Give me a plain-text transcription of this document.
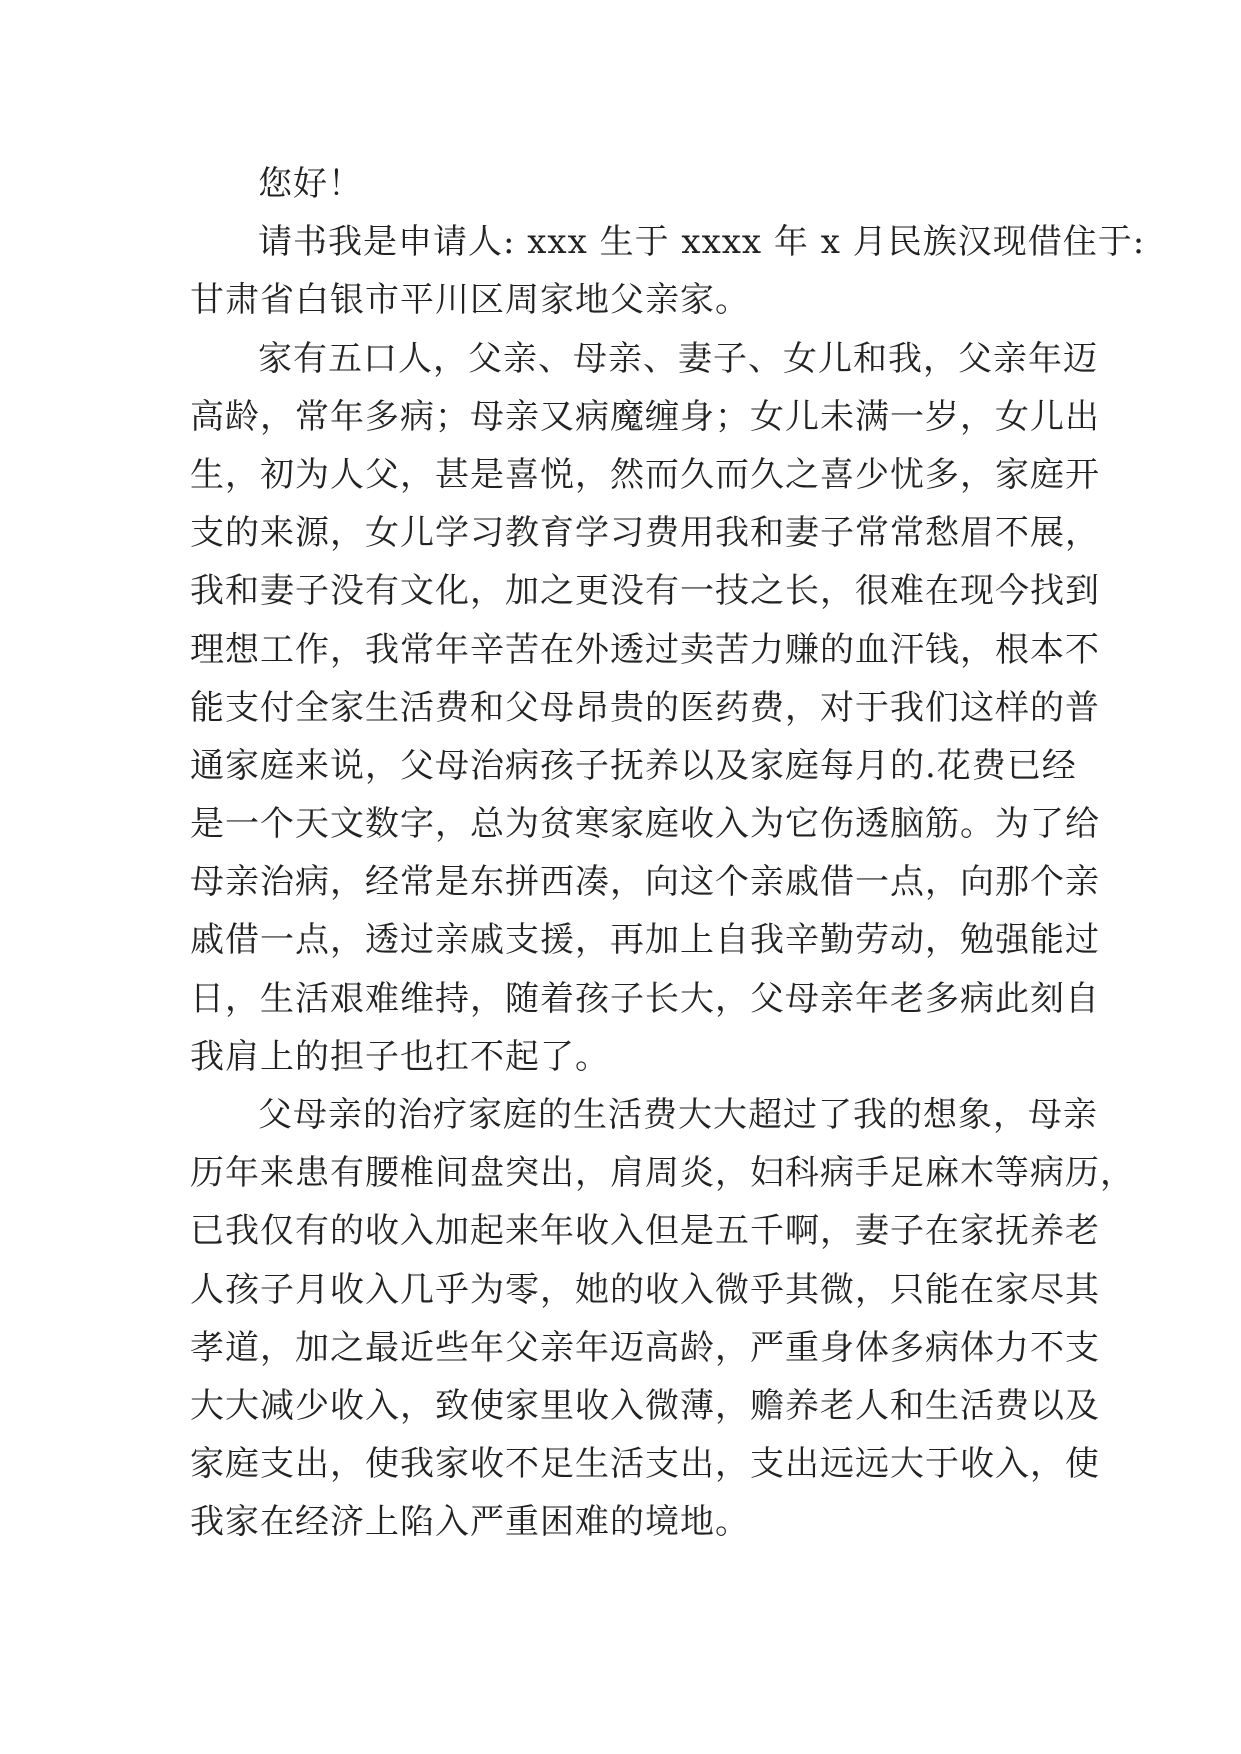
您好！
请书我是申请人: xxx 生于 xxxx 年 x 月民族汉现借住于:
甘肃省白银市平川区周家地父亲家。
家有五口人，父亲、母亲、妻子、女儿和我，父亲年迈
高龄，常年多病；母亲又病魔缠身；女儿未满一岁，女儿出
生，初为人父，甚是喜悦，然而久而久之喜少忧多，家庭开
支的来源，女儿学习教育学习费用我和妻子常常愁眉不展，
我和妻子没有文化，加之更没有一技之长，很难在现今找到
理想工作，我常年辛苦在外透过卖苦力赚的血汗钱，根本不
能支付全家生活费和父母昂贵的医药费，对于我们这样的普
通家庭来说，父母治病孩子抚养以及家庭每月的.花费已经
是一个天文数字，总为贫寒家庭收入为它伤透脑筋。为了给
母亲治病，经常是东拼西凑，向这个亲戚借一点，向那个亲
戚借一点，透过亲戚支援，再加上自我辛勤劳动，勉强能过
日，生活艰难维持，随着孩子长大，父母亲年老多病此刻自
我肩上的担子也扛不起了。
父母亲的治疗家庭的生活费大大超过了我的想象，母亲
历年来患有腰椎间盘突出，肩周炎，妇科病手足麻木等病历，
已我仅有的收入加起来年收入但是五千啊，妻子在家抚养老
人孩子月收入几乎为零，她的收入微乎其微，只能在家尽其
孝道，加之最近些年父亲年迈高龄，严重身体多病体力不支
大大减少收入，致使家里收入微薄，赡养老人和生活费以及
家庭支出，使我家收不足生活支出，支出远远大于收入，使
我家在经济上陷入严重困难的境地。
